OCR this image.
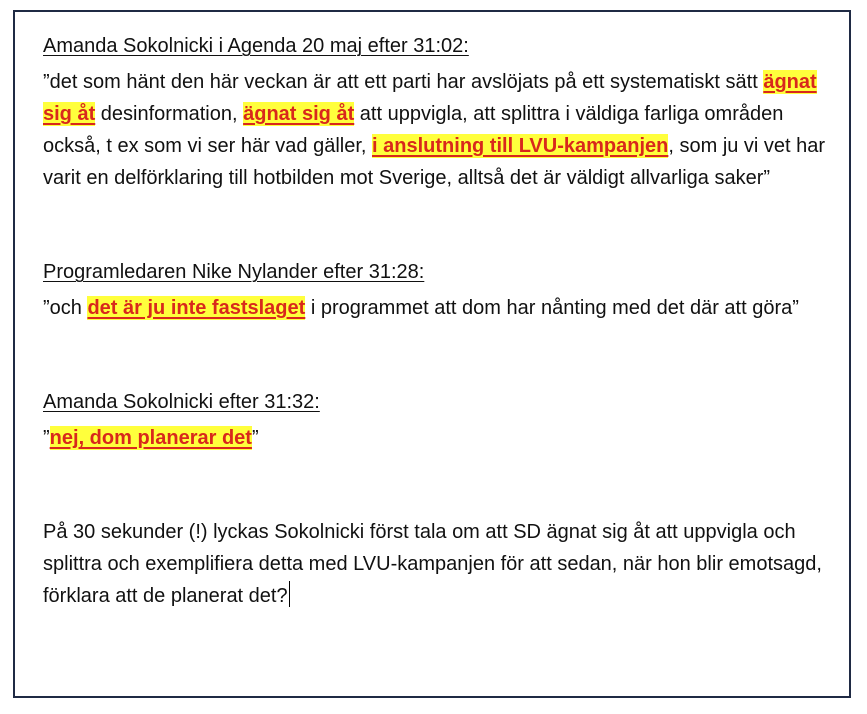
Amanda Sokolnicki i Agenda 20 maj efter 31:02:

”det som hänt den här veckan är att ett parti har avslöjats på ett systematiskt sätt ägnat sig åt desinformation, ägnat sig åt att uppvigla, att splittra i väldiga farliga områden också, t ex som vi ser här vad gäller, i anslutning till LVU-kampanjen, som ju vi vet har varit en delförklaring till hotbilden mot Sverige, alltså det är väldigt allvarliga saker”

Programledaren Nike Nylander efter 31:28:

”och det är ju inte fastslaget i programmet att dom har nånting med det där att göra”

Amanda Sokolnicki efter 31:32:

”nej, dom planerar det”

På 30 sekunder (!) lyckas Sokolnicki först tala om att SD ägnat sig åt att uppvigla och splittra och exemplifiera detta med LVU-kampanjen för att sedan, när hon blir emotsagd, förklara att de planerat det?
